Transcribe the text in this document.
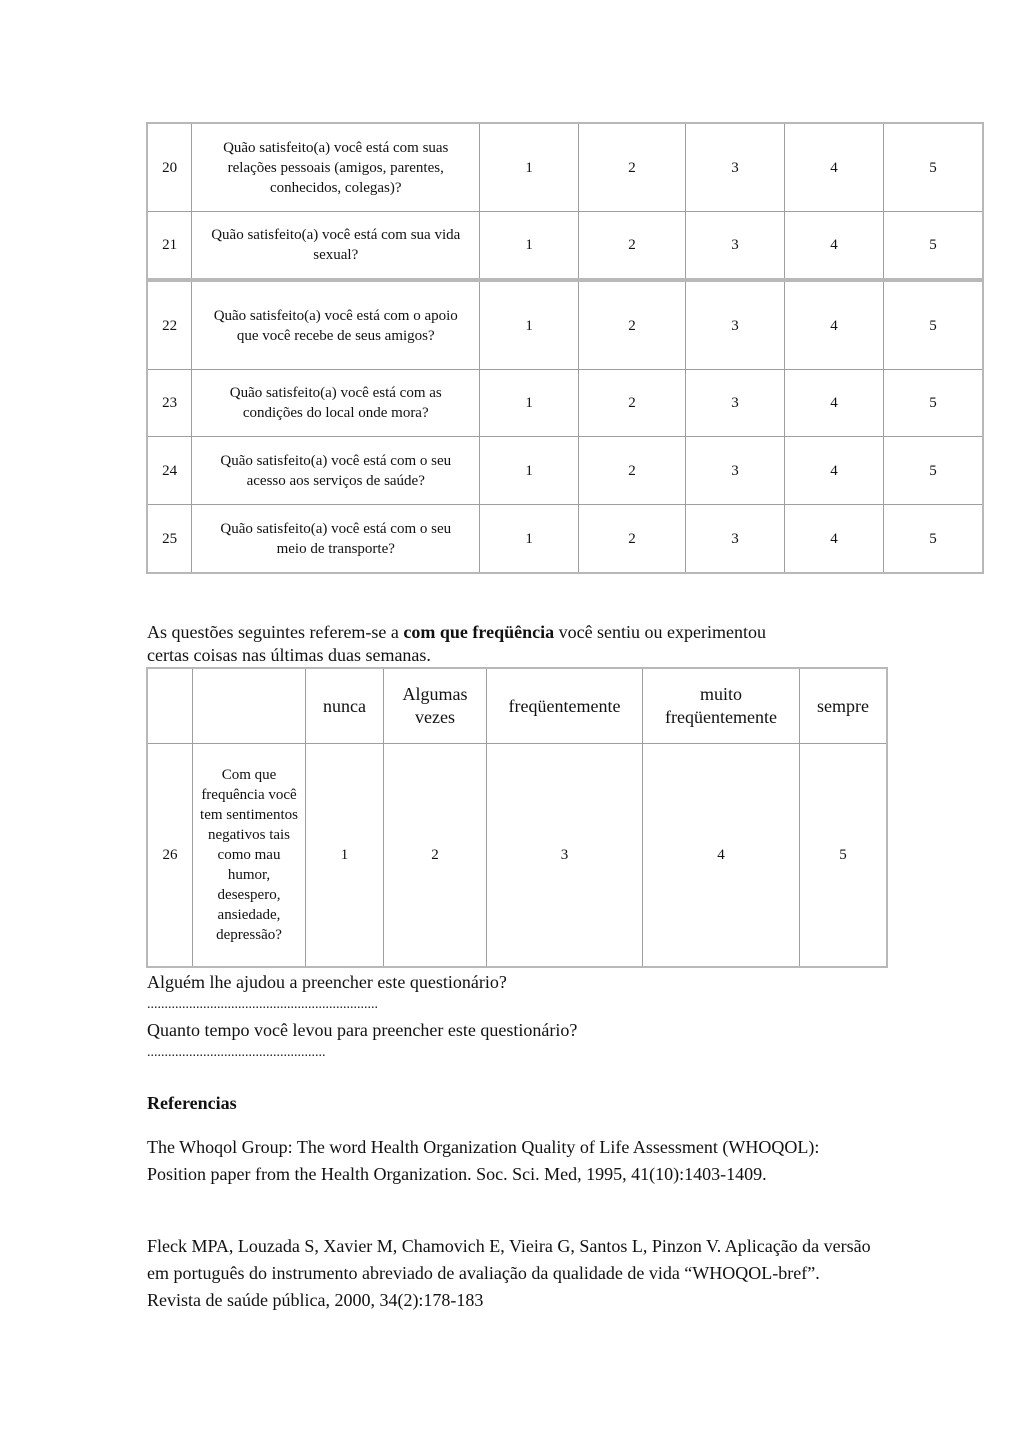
20	Quão satisfeito(a) você está com suas relações pessoais (amigos, parentes, conhecidos, colegas)?	1	2	3	4	5
21	Quão satisfeito(a) você está com sua vida sexual?	1	2	3	4	5
22	Quão satisfeito(a) você está com o apoio que você recebe de seus amigos?	1	2	3	4	5
23	Quão satisfeito(a) você está com as condições do local onde mora?	1	2	3	4	5
24	Quão satisfeito(a) você está com o seu acesso aos serviços de saúde?	1	2	3	4	5
25	Quão satisfeito(a) você está com o seu meio de transporte?	1	2	3	4	5
As questões seguintes referem-se a com que freqüência você sentiu ou experimentou
certas coisas nas últimas duas semanas.
		nunca	Algumas vezes	freqüentemente	muito freqüentemente	sempre
26	Com que frequência você tem sentimentos negativos tais como mau humor, desespero, ansiedade, depressão?	1	2	3	4	5
Alguém lhe ajudou a preencher este questionário?
..................................................................
Quanto tempo você levou para preencher este questionário?
...................................................
Referencias
The Whoqol Group: The word Health Organization Quality of Life Assessment (WHOQOL): Position paper from the Health Organization. Soc. Sci. Med, 1995, 41(10):1403-1409.
Fleck MPA, Louzada S, Xavier M, Chamovich E, Vieira G, Santos L, Pinzon V. Aplicação da versão em português do instrumento abreviado de avaliação da qualidade de vida “WHOQOL-bref”. Revista de saúde pública, 2000, 34(2):178-183
